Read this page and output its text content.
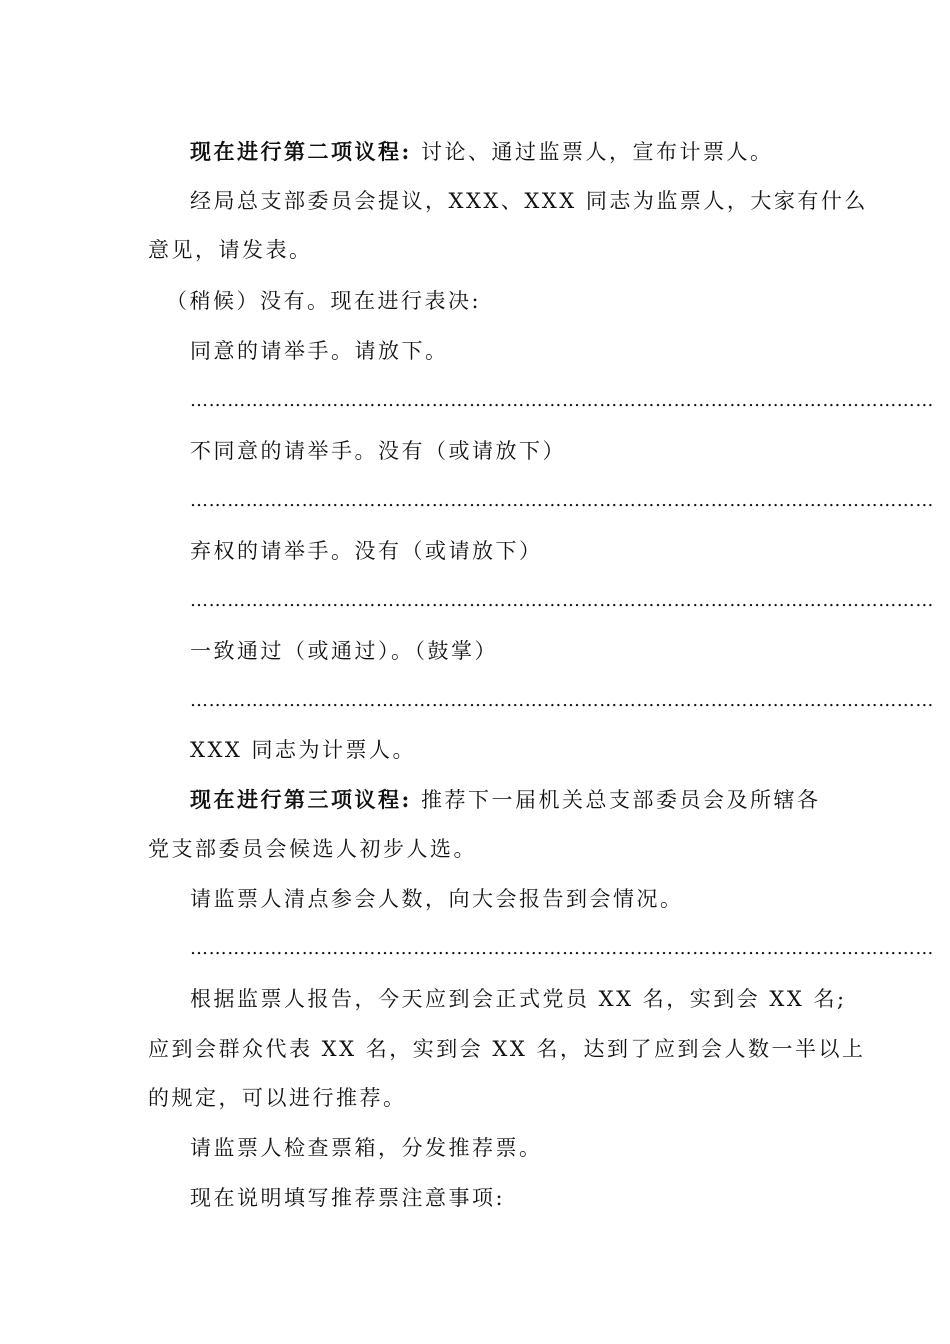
现在进行第二项议程: 讨论、通过监票人，宣布计票人。
经局总支部委员会提议，XXX、XXX 同志为监票人，大家有什么
意见，请发表。
（稍候）没有。现在进行表决:
同意的请举手。请放下。
…………………………………………………………………………………………………………
不同意的请举手。没有（或请放下）
…………………………………………………………………………………………………………
弃权的请举手。没有（或请放下）
…………………………………………………………………………………………………………
一致通过（或通过）。（鼓掌）
…………………………………………………………………………………………………………
XXX 同志为计票人。
现在进行第三项议程: 推荐下一届机关总支部委员会及所辖各
党支部委员会候选人初步人选。
请监票人清点参会人数，向大会报告到会情况。
…………………………………………………………………………………………………………
根据监票人报告，今天应到会正式党员 XX 名，实到会 XX 名;
应到会群众代表 XX 名，实到会 XX 名，达到了应到会人数一半以上
的规定，可以进行推荐。
请监票人检查票箱，分发推荐票。
现在说明填写推荐票注意事项:
